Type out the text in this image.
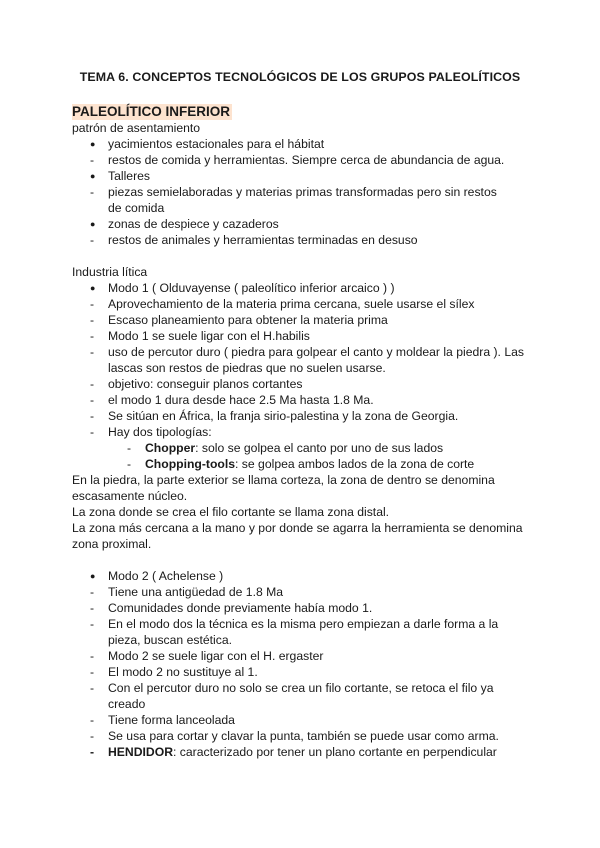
TEMA 6. CONCEPTOS TECNOLÓGICOS DE LOS GRUPOS PALEOLÍTICOS
PALEOLÍTICO INFERIOR
patrón de asentamiento
●	yacimientos estacionales para el hábitat
-	restos de comida y herramientas. Siempre cerca de abundancia de agua.
●	Talleres
-	piezas semielaboradas y materias primas transformadas pero sin restos de comida
●	zonas de despiece y cazaderos
-	restos de animales y herramientas terminadas en desuso
Industria lítica
●	Modo 1 ( Olduvayense ( paleolítico inferior arcaico ) )
-	Aprovechamiento de la materia prima cercana, suele usarse el sílex
-	Escaso planeamiento para obtener la materia prima
-	Modo 1 se suele ligar con el H.habilis
-	uso de percutor duro ( piedra para golpear el canto y moldear la piedra ). Las lascas son restos de piedras que no suelen usarse.
-	objetivo: conseguir planos cortantes
-	el modo 1 dura desde hace 2.5 Ma hasta 1.8 Ma.
-	Se sitúan en África, la franja sirio-palestina y la zona de Georgia.
-	Hay dos tipologías:
- Chopper: solo se golpea el canto por uno de sus lados
- Chopping-tools: se golpea ambos lados de la zona de corte
En la piedra, la parte exterior se llama corteza, la zona de dentro se denomina escasamente núcleo.
La zona donde se crea el filo cortante se llama zona distal.
La zona más cercana a la mano y por donde se agarra la herramienta se denomina zona proximal.
●	Modo 2 ( Achelense )
-	Tiene una antigüedad de 1.8 Ma
-	Comunidades donde previamente había modo 1.
-	En el modo dos la técnica es la misma pero empiezan a darle forma a la pieza, buscan estética.
-	Modo 2 se suele ligar con el H. ergaster
-	El modo 2 no sustituye al 1.
-	Con el percutor duro no solo se crea un filo cortante, se retoca el filo ya creado
-	Tiene forma lanceolada
-	Se usa para cortar y clavar la punta, también se puede usar como arma.
-	HENDIDOR: caracterizado por tener un plano cortante en perpendicular
